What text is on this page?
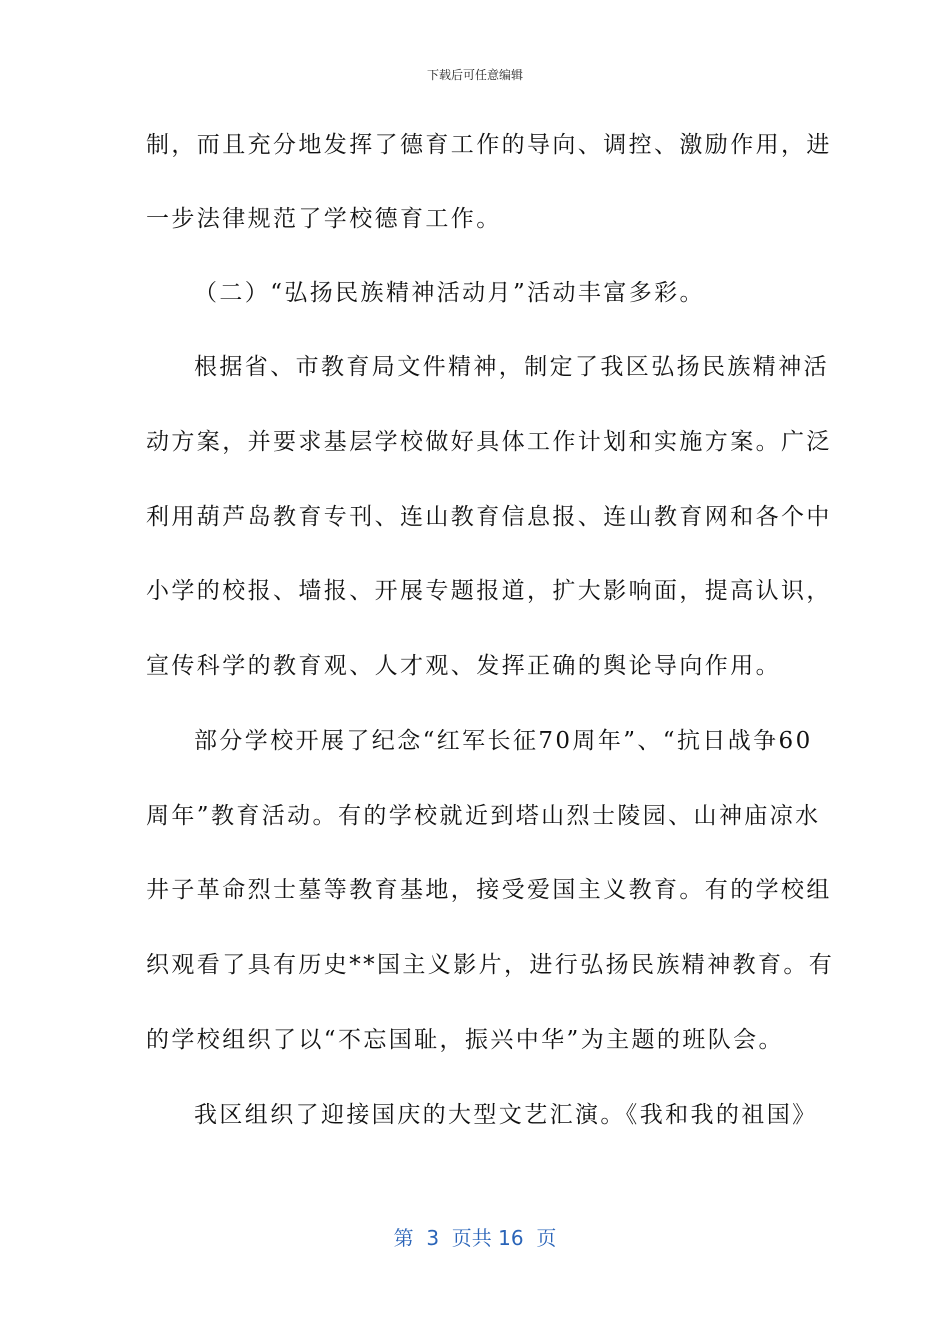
下载后可任意编辑
制，而且充分地发挥了德育工作的导向、调控、激励作用，进
一步法律规范了学校德育工作。
（二）“弘扬民族精神活动月”活动丰富多彩。
根据省、市教育局文件精神，制定了我区弘扬民族精神活
动方案，并要求基层学校做好具体工作计划和实施方案。广泛
利用葫芦岛教育专刊、连山教育信息报、连山教育网和各个中
小学的校报、墙报、开展专题报道，扩大影响面，提高认识，
宣传科学的教育观、人才观、发挥正确的舆论导向作用。
部分学校开展了纪念“红军长征70周年”、“抗日战争60
周年”教育活动。有的学校就近到塔山烈士陵园、山神庙凉水
井子革命烈士墓等教育基地，接受爱国主义教育。有的学校组
织观看了具有历史**国主义影片，进行弘扬民族精神教育。有
的学校组织了以“不忘国耻，振兴中华”为主题的班队会。
我区组织了迎接国庆的大型文艺汇演。《我和我的祖国》
第  3  页共 16  页
